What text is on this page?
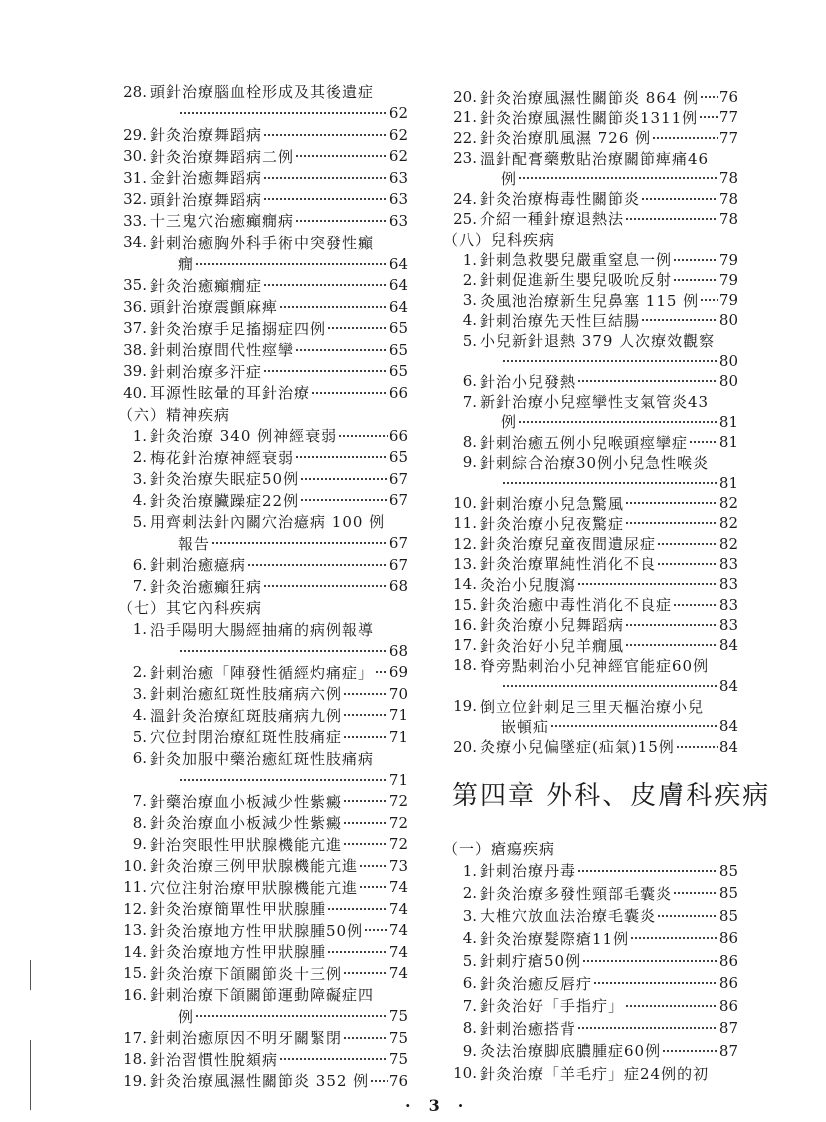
28. 頭針治療腦血栓形成及其後遺症
62
29. 針灸治療舞蹈病	62
30. 針灸治療舞蹈病二例	62
31. 金針治癒舞蹈病	63
32. 頭針治療舞蹈病	63
33. 十三鬼穴治癒癲癇病	63
34. 針刺治癒胸外科手術中突發性癲
癇	64
35. 針灸治癒癲癇症	64
36. 頭針治療震顫麻痺	64
37. 針灸治療手足搐搦症四例	65
38. 針刺治療間代性痙攣	65
39. 針刺治療多汗症	65
40. 耳源性眩暈的耳針治療	66
（六）精神疾病
1. 針灸治療 340 例神經衰弱	66
2. 梅花針治療神經衰弱	65
3. 針灸治療失眠症50例	67
4. 針灸治療臟躁症22例	67
5. 用齊刺法針內關穴治癔病 100 例
報告	67
6. 針刺治癒癔病	67
7. 針灸治癒癲狂病	68
（七）其它內科疾病
1. 沿手陽明大腸經抽痛的病例報導
68
2. 針刺治癒「陣發性循經灼痛症」 69
3. 針刺治癒紅斑性肢痛病六例	70
4. 溫針灸治療紅斑肢痛病九例	71
5. 穴位封閉治療紅斑性肢痛症	71
6. 針灸加服中藥治癒紅斑性肢痛病
71
7. 針藥治療血小板減少性紫癜	72
8. 針灸治療血小板減少性紫癜	72
9. 針治突眼性甲狀腺機能亢進	72
10. 針灸治療三例甲狀腺機能亢進 73
11. 穴位注射治療甲狀腺機能亢進 74
12. 針灸治療簡單性甲狀腺腫	74
13. 針灸治療地方性甲狀腺腫50例 74
14. 針灸治療地方性甲狀腺腫	74
15. 針灸治療下頜關節炎十三例	74
16. 針刺治療下頜關節運動障礙症四
例	75
17. 針刺治癒原因不明牙關緊閉	75
18. 針治習慣性脫頦病	75
19. 針灸治療風濕性關節炎 352 例 76
20. 針灸治療風濕性關節炎 864 例 76
21. 針灸治療風濕性關節炎1311例 77
22. 針灸治療肌風濕 726 例	77
23. 溫針配膏藥敷貼治療關節痺痛46
例	78
24. 針灸治療梅毒性關節炎	78
25. 介紹一種針療退熱法	78
（八）兒科疾病
1. 針刺急救嬰兒嚴重窒息一例	79
2. 針刺促進新生嬰兒吸吮反射	79
3. 灸風池治療新生兒鼻塞 115 例 79
4. 針刺治療先天性巨結腸	80
5. 小兒新針退熱 379 人次療效觀察
80
6. 針治小兒發熱	80
7. 新針治療小兒痙攣性支氣管炎43
例	81
8. 針刺治癒五例小兒喉頭痙攣症 81
9. 針刺綜合治療30例小兒急性喉炎
81
10. 針刺治療小兒急驚風	82
11. 針灸治療小兒夜驚症	82
12. 針灸治療兒童夜間遺尿症	82
13. 針灸治療單純性消化不良	83
14. 灸治小兒腹瀉	83
15. 針灸治癒中毒性消化不良症	83
16. 針灸治療小兒舞蹈病	83
17. 針灸治好小兒羊癇風	84
18. 脊旁點刺治小兒神經官能症60例
84
19. 倒立位針刺足三里天樞治療小兒
嵌頓疝	84
20. 灸療小兒偏墜症(疝氣)15例	84
第四章 外科、皮膚科疾病
（一）瘡瘍疾病
1. 針刺治療丹毒	85
2. 針灸治療多發性頸部毛囊炎	85
3. 大椎穴放血法治療毛囊炎	85
4. 針灸治療髮際瘡11例	86
5. 針刺疔瘡50例	86
6. 針灸治癒反唇疔	86
7. 針灸治好「手指疔」	86
8. 針刺治癒搭背	87
9. 灸法治療脚底膿腫症60例	87
10. 針灸治療「羊毛疔」症24例的初
·3·
